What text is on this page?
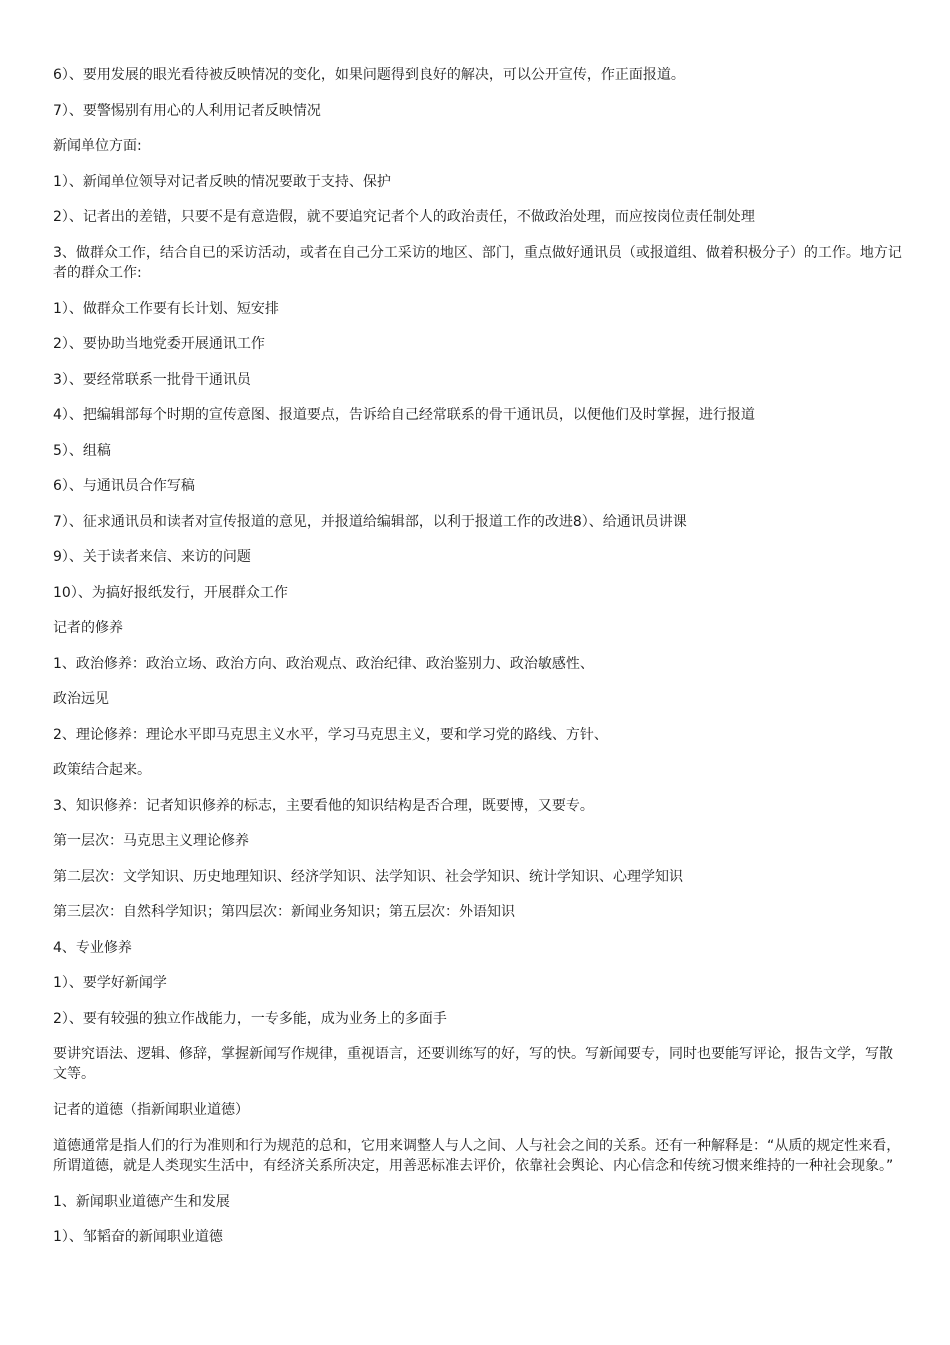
6）、要用发展的眼光看待被反映情况的变化，如果问题得到良好的解决，可以公开宣传，作正面报道。

7）、要警惕别有用心的人利用记者反映情况

新闻单位方面:

1）、新闻单位领导对记者反映的情况要敢于支持、保护

2）、记者出的差错，只要不是有意造假，就不要追究记者个人的政治责任，不做政治处理，而应按岗位责任制处理

3、做群众工作，结合自已的采访活动，或者在自己分工采访的地区、部门，重点做好通讯员（或报道组、做着积极分子）的工作。地方记者的群众工作:

1）、做群众工作要有长计划、短安排

2）、要协助当地党委开展通讯工作

3）、要经常联系一批骨干通讯员

4）、把编辑部每个时期的宣传意图、报道要点，告诉给自己经常联系的骨干通讯员，以便他们及时掌握，进行报道

5）、组稿

6）、与通讯员合作写稿

7）、征求通讯员和读者对宣传报道的意见，并报道给编辑部，以利于报道工作的改进8）、给通讯员讲课

9）、关于读者来信、来访的问题

10）、为搞好报纸发行，开展群众工作

记者的修养

1、政治修养：政治立场、政治方向、政治观点、政治纪律、政治鉴别力、政治敏感性、

政治远见

2、理论修养：理论水平即马克思主义水平，学习马克思主义，要和学习党的路线、方针、

政策结合起来。

3、知识修养：记者知识修养的标志，主要看他的知识结构是否合理，既要博，又要专。

第一层次：马克思主义理论修养

第二层次：文学知识、历史地理知识、经济学知识、法学知识、社会学知识、统计学知识、心理学知识

第三层次：自然科学知识；第四层次：新闻业务知识；第五层次：外语知识

4、专业修养

1）、要学好新闻学

2）、要有较强的独立作战能力，一专多能，成为业务上的多面手

要讲究语法、逻辑、修辞，掌握新闻写作规律，重视语言，还要训练写的好，写的快。写新闻要专，同时也要能写评论，报告文学，写散文等。

记者的道德（指新闻职业道德）

道德通常是指人们的行为准则和行为规范的总和，它用来调整人与人之间、人与社会之间的关系。还有一种解释是：“从质的规定性来看，所谓道德，就是人类现实生活中，有经济关系所决定，用善恶标准去评价，依靠社会舆论、内心信念和传统习惯来维持的一种社会现象。”

1、新闻职业道德产生和发展

1）、邹韬奋的新闻职业道德
